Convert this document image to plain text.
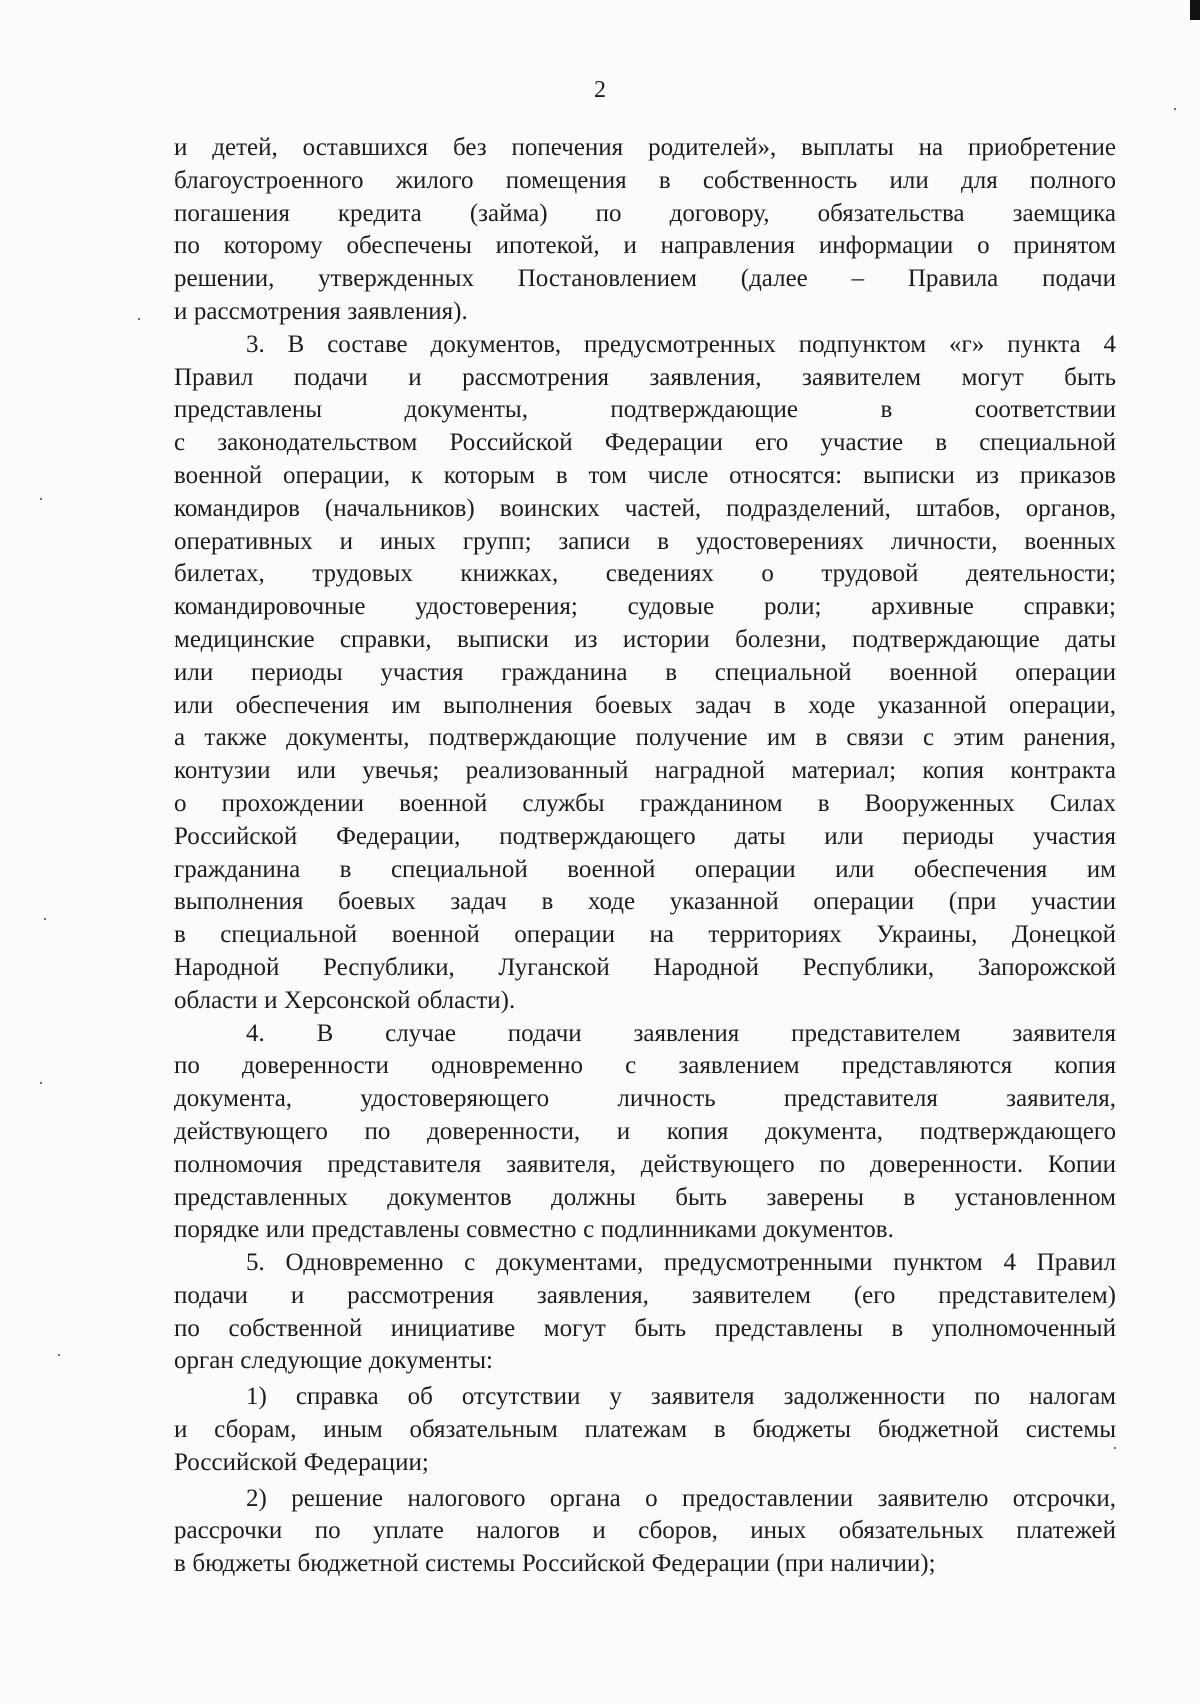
2
и детей, оставшихся без попечения родителей», выплаты на приобретение
благоустроенного жилого помещения в собственность или для полного
погашения кредита (займа) по договору, обязательства заемщика
по которому обеспечены ипотекой, и направления информации о принятом
решении, утвержденных Постановлением (далее – Правила подачи
и рассмотрения заявления).
3. В составе документов, предусмотренных подпунктом «г» пункта 4
Правил подачи и рассмотрения заявления, заявителем могут быть
представлены документы, подтверждающие в соответствии
с законодательством Российской Федерации его участие в специальной
военной операции, к которым в том числе относятся: выписки из приказов
командиров (начальников) воинских частей, подразделений, штабов, органов,
оперативных и иных групп; записи в удостоверениях личности, военных
билетах, трудовых книжках, сведениях о трудовой деятельности;
командировочные удостоверения; судовые роли; архивные справки;
медицинские справки, выписки из истории болезни, подтверждающие даты
или периоды участия гражданина в специальной военной операции
или обеспечения им выполнения боевых задач в ходе указанной операции,
а также документы, подтверждающие получение им в связи с этим ранения,
контузии или увечья; реализованный наградной материал; копия контракта
о прохождении военной службы гражданином в Вооруженных Силах
Российской Федерации, подтверждающего даты или периоды участия
гражданина в специальной военной операции или обеспечения им
выполнения боевых задач в ходе указанной операции (при участии
в специальной военной операции на территориях Украины, Донецкой
Народной Республики, Луганской Народной Республики, Запорожской
области и Херсонской области).
4. В случае подачи заявления представителем заявителя
по доверенности одновременно с заявлением представляются копия
документа, удостоверяющего личность представителя заявителя,
действующего по доверенности, и копия документа, подтверждающего
полномочия представителя заявителя, действующего по доверенности. Копии
представленных документов должны быть заверены в установленном
порядке или представлены совместно с подлинниками документов.
5. Одновременно с документами, предусмотренными пунктом 4 Правил
подачи и рассмотрения заявления, заявителем (его представителем)
по собственной инициативе могут быть представлены в уполномоченный
орган следующие документы:
1) справка об отсутствии у заявителя задолженности по налогам
и сборам, иным обязательным платежам в бюджеты бюджетной системы
Российской Федерации;
2) решение налогового органа о предоставлении заявителю отсрочки,
рассрочки по уплате налогов и сборов, иных обязательных платежей
в бюджеты бюджетной системы Российской Федерации (при наличии);
